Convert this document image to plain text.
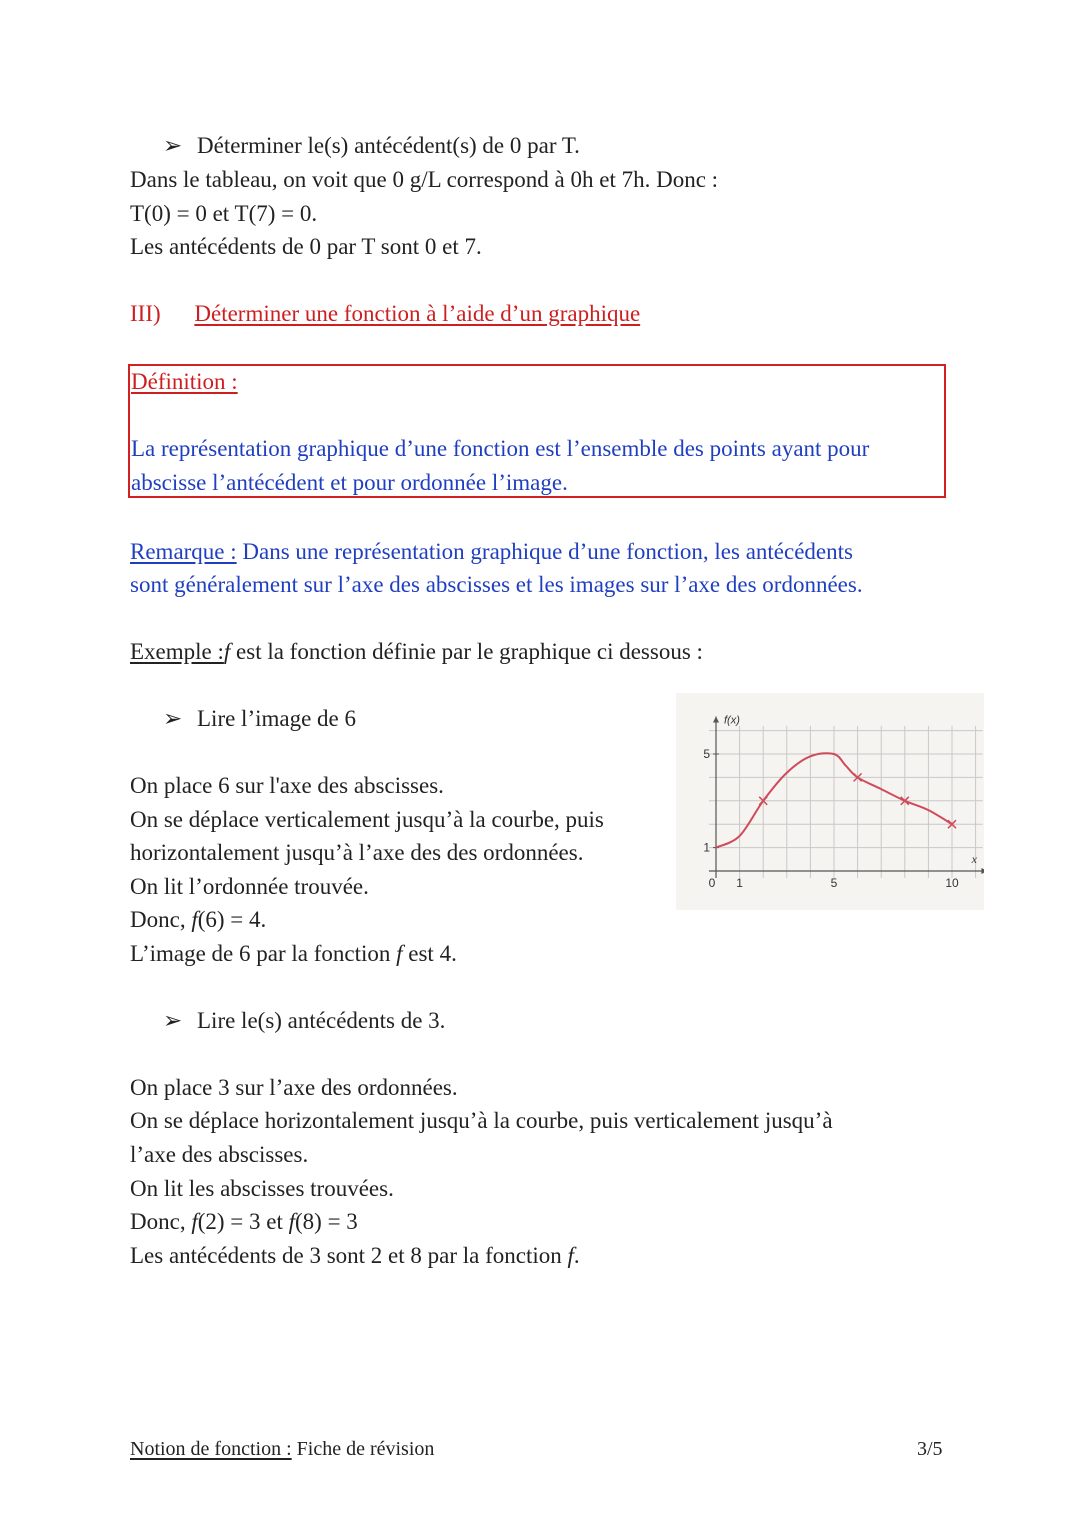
➢ Déterminer le(s) antécédent(s) de 0 par T.

Dans le tableau, on voit que 0 g/L correspond à 0h et 7h. Donc :

T(0) = 0 et T(7) = 0.

Les antécédents de 0 par T sont 0 et 7.

III) Déterminer une fonction à l’aide d’un graphique

Définition :

La représentation graphique d’une fonction est l’ensemble des points ayant pour

abscisse l’antécédent et pour ordonnée l’image.

Remarque : Dans une représentation graphique d’une fonction, les antécédents

sont généralement sur l’axe des abscisses et les images sur l’axe des ordonnées.

Exemple :f est la fonction définie par le graphique ci dessous :

➢ Lire l’image de 6

On place 6 sur l'axe des abscisses.

On se déplace verticalement jusqu’à la courbe, puis

horizontalement jusqu’à l’axe des des ordonnées.

On lit l’ordonnée trouvée.

Donc, f(6) = 4.

L’image de 6 par la fonction f est 4.

0 1	5	10
1
5
f(x)
x
➢ Lire le(s) antécédents de 3.

On place 3 sur l’axe des ordonnées.

On se déplace horizontalement jusqu’à la courbe, puis verticalement jusqu’à

l’axe des abscisses.

On lit les abscisses trouvées.

Donc, f(2) = 3 et f(8) = 3

Les antécédents de 3 sont 2 et 8 par la fonction f.

Notion de fonction : Fiche de révision	3/5
